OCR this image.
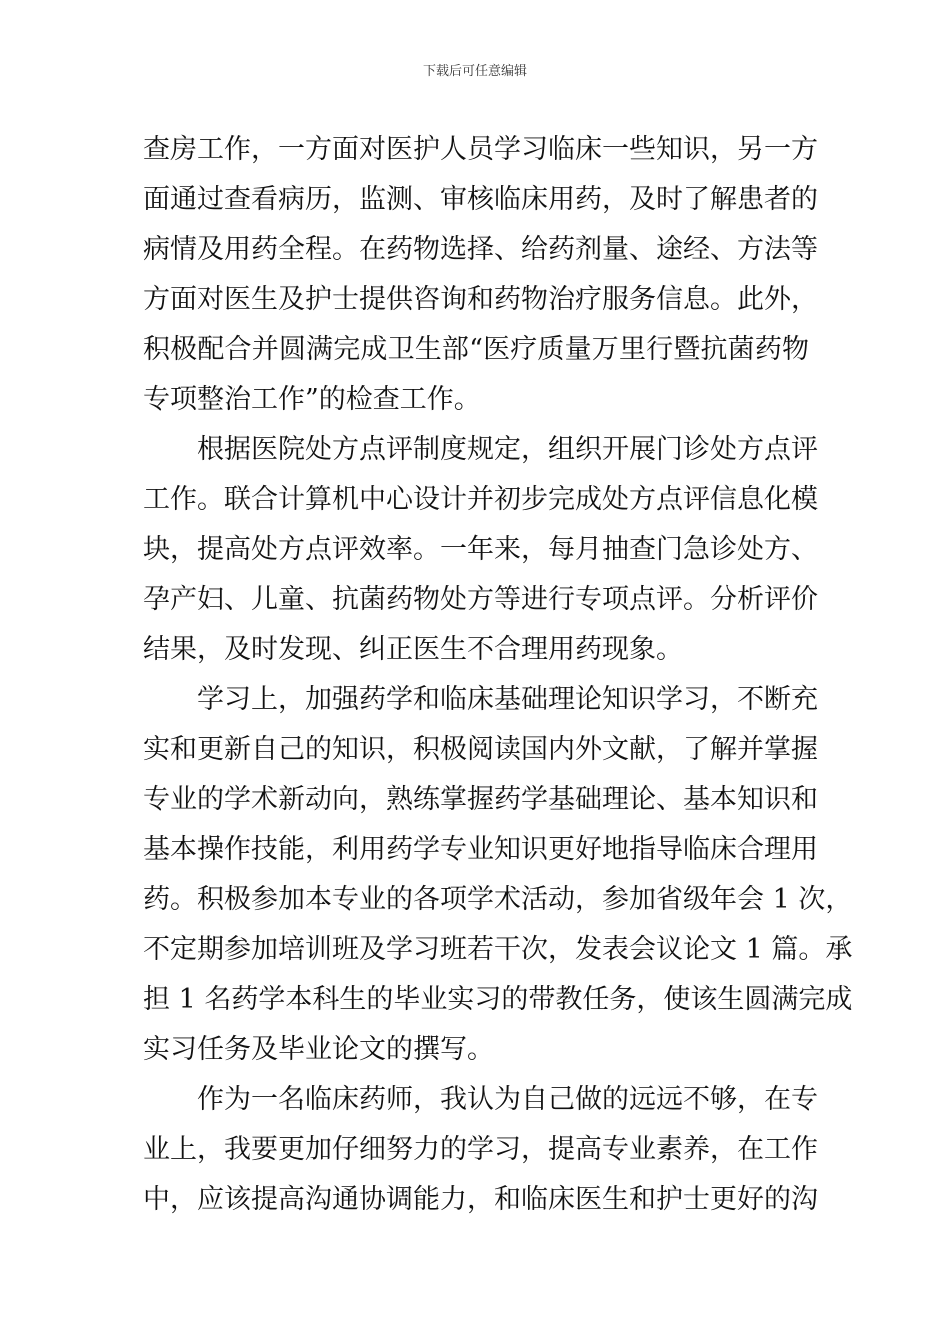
下载后可任意编辑
查房工作，一方面对医护人员学习临床一些知识，另一方
面通过查看病历，监测、审核临床用药，及时了解患者的
病情及用药全程。在药物选择、给药剂量、途经、方法等
方面对医生及护士提供咨询和药物治疗服务信息。此外，
积极配合并圆满完成卫生部“医疗质量万里行暨抗菌药物
专项整治工作”的检查工作。
根据医院处方点评制度规定，组织开展门诊处方点评
工作。联合计算机中心设计并初步完成处方点评信息化模
块，提高处方点评效率。一年来，每月抽查门急诊处方、
孕产妇、儿童、抗菌药物处方等进行专项点评。分析评价
结果，及时发现、纠正医生不合理用药现象。
学习上，加强药学和临床基础理论知识学习，不断充
实和更新自己的知识，积极阅读国内外文献，了解并掌握
专业的学术新动向，熟练掌握药学基础理论、基本知识和
基本操作技能，利用药学专业知识更好地指导临床合理用
药。积极参加本专业的各项学术活动，参加省级年会 1 次，
不定期参加培训班及学习班若干次，发表会议论文 1 篇。承
担 1 名药学本科生的毕业实习的带教任务，使该生圆满完成
实习任务及毕业论文的撰写。
作为一名临床药师，我认为自己做的远远不够，在专
业上，我要更加仔细努力的学习，提高专业素养，在工作
中，应该提高沟通协调能力，和临床医生和护士更好的沟
